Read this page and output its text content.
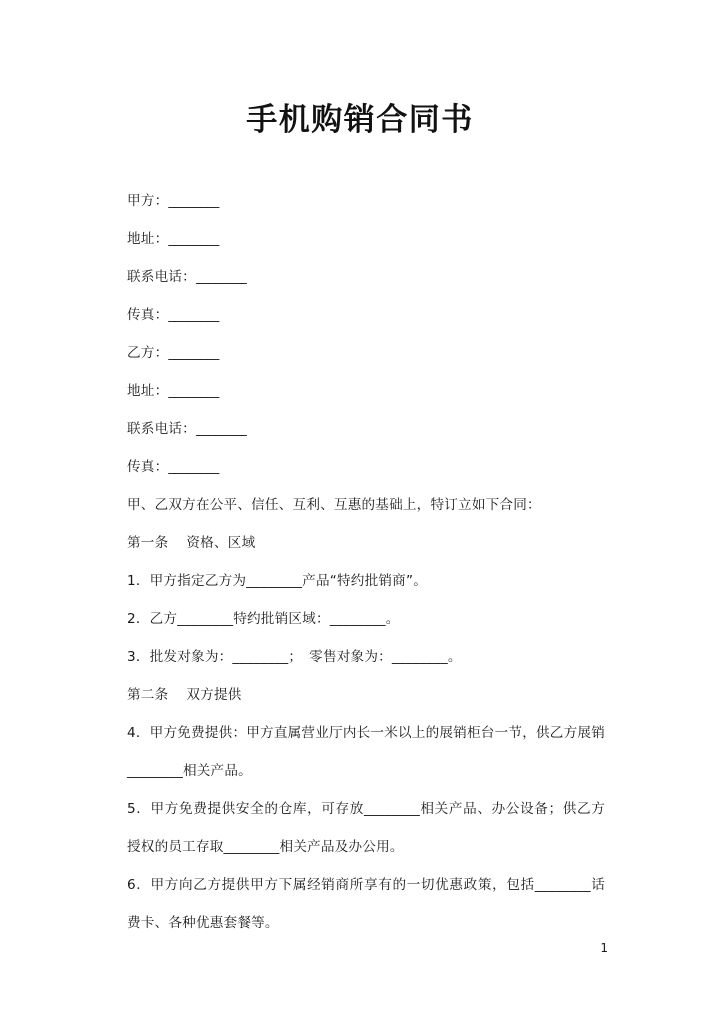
手机购销合同书
甲方：________
地址：________
联系电话：________
传真：________
乙方：________
地址：________
联系电话：________
传真：________
甲、乙双方在公平、信任、互利、互惠的基础上，特订立如下合同：
第一条 资格、区域
1．甲方指定乙方为________产品“特约批销商”。
2．乙方________特约批销区域：________。
3．批发对象为：________；　零售对象为：________。
第二条 双方提供
4．甲方免费提供：甲方直属营业厅内长一米以上的展销柜台一节，供乙方展销________相关产品。
5．甲方免费提供安全的仓库，可存放________相关产品、办公设备；供乙方授权的员工存取________相关产品及办公用。
6．甲方向乙方提供甲方下属经销商所享有的一切优惠政策，包括________话费卡、各种优惠套餐等。
1
